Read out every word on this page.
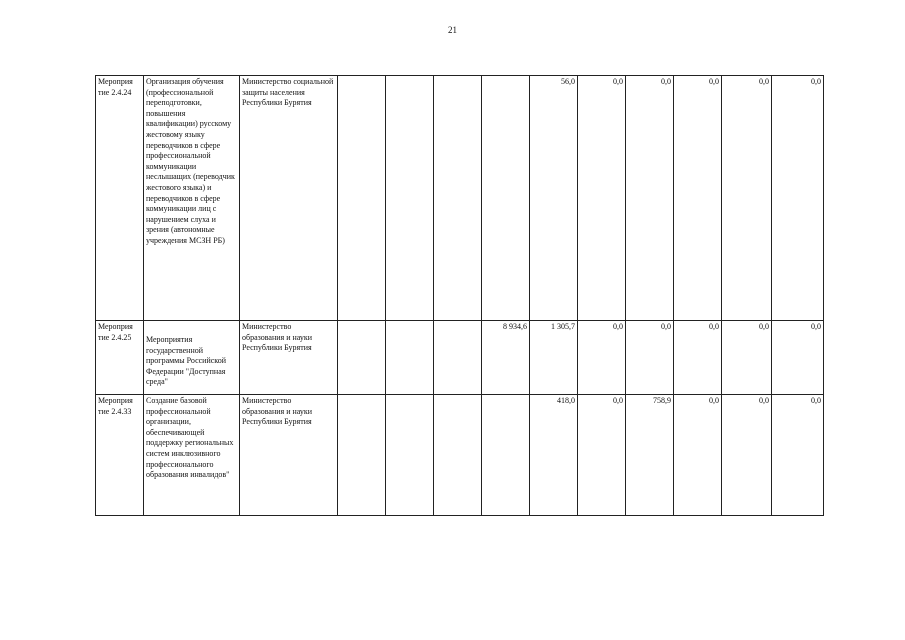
21
Мероприя тие 2.4.24	Организация обучения (профессиональной переподготовки, повышения квалификации) русскому жестовому языку переводчиков в сфере профессиональной коммуникации неслышащих (переводчик жестового языка) и переводчиков в сфере коммуникации лиц с нарушением слуха и зрения (автономные учреждения МСЗН РБ)	Министерство социальной защиты населения Республики Бурятия					56,0	0,0	0,0	0,0	0,0	0,0
Мероприя тие 2.4.25	Мероприятия государственной программы Российской Федерации "Доступная среда"	Министерство образования и науки Республики Бурятия				8 934,6	1 305,7	0,0	0,0	0,0	0,0	0,0
Мероприя тие 2.4.33	Создание базовой профессиональной организации, обеспечивающей поддержку региональных систем инклюзивного профессионального образования инвалидов"	Министерство образования и науки Республики Бурятия					418,0	0,0	758,9	0,0	0,0	0,0
